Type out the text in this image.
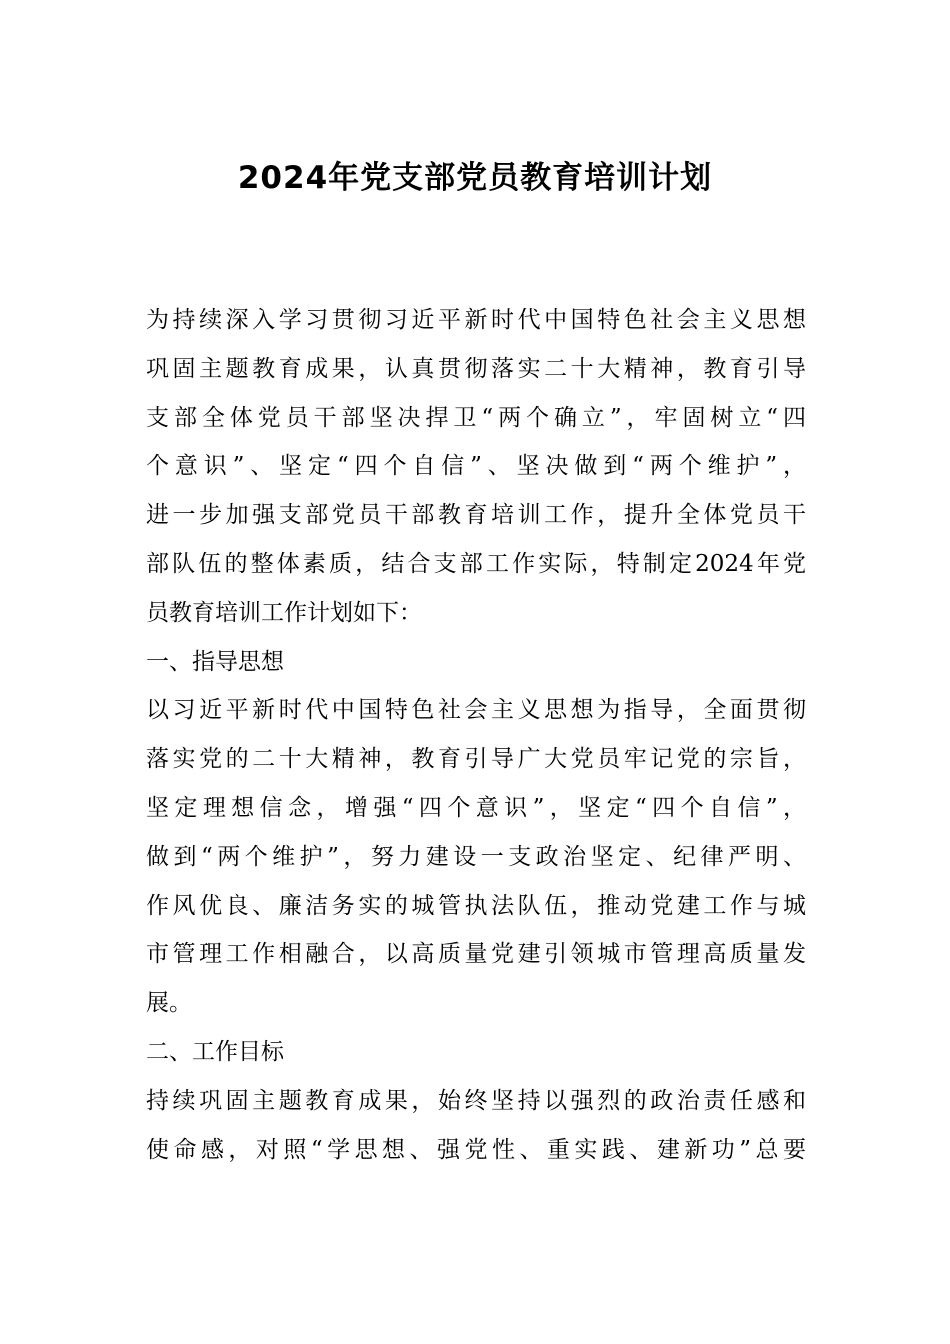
2024年党支部党员教育培训计划
为持续深入学习贯彻习近平新时代中国特色社会主义思想
巩固主题教育成果，认真贯彻落实二十大精神，教育引导
支部全体党员干部坚决捍卫“两个确立”，牢固树立“四
个意识”、坚定“四个自信”、坚决做到“两个维护”，
进一步加强支部党员干部教育培训工作，提升全体党员干
部队伍的整体素质，结合支部工作实际，特制定2024年党
员教育培训工作计划如下：
一、指导思想
以习近平新时代中国特色社会主义思想为指导，全面贯彻
落实党的二十大精神，教育引导广大党员牢记党的宗旨，
坚定理想信念，增强“四个意识”，坚定“四个自信”，
做到“两个维护”，努力建设一支政治坚定、纪律严明、
作风优良、廉洁务实的城管执法队伍，推动党建工作与城
市管理工作相融合，以高质量党建引领城市管理高质量发
展。
二、工作目标
持续巩固主题教育成果，始终坚持以强烈的政治责任感和
使命感，对照“学思想、强党性、重实践、建新功”总要
